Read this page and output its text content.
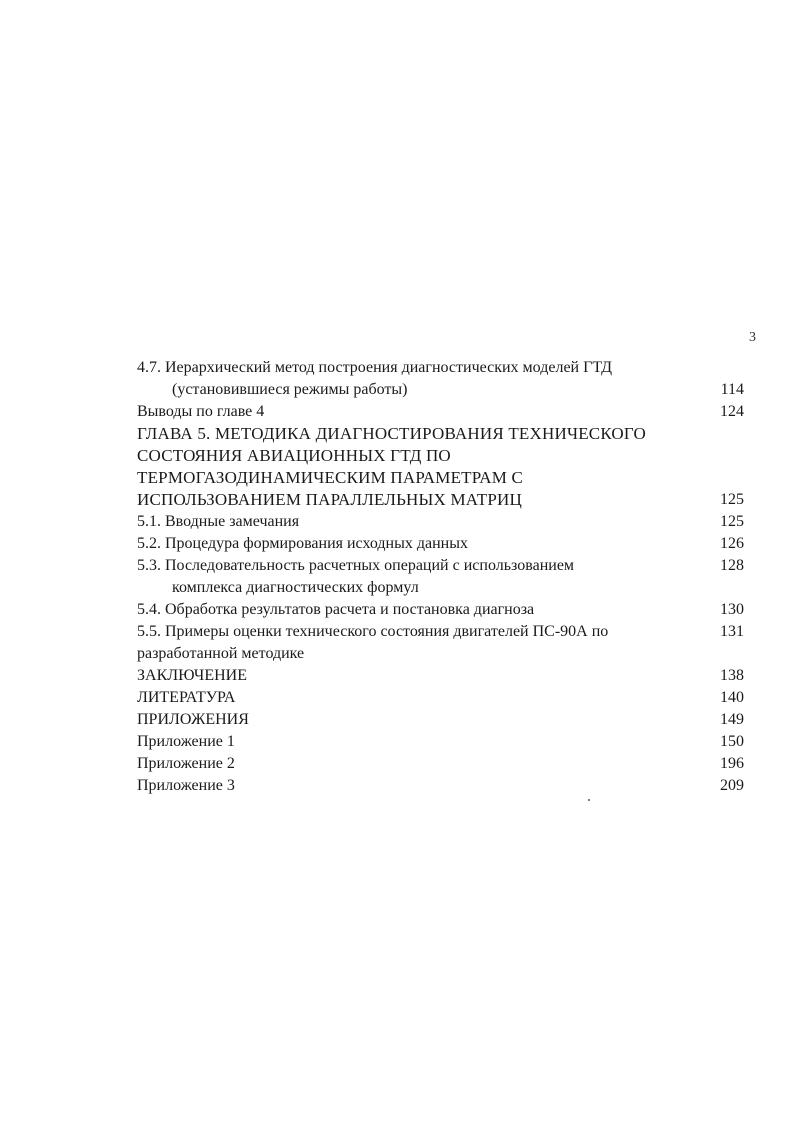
3
4.7. Иерархический метод построения диагностических моделей ГТД
(установившиеся режимы работы)	114
Выводы по главе 4	124
ГЛАВА 5. МЕТОДИКА ДИАГНОСТИРОВАНИЯ ТЕХНИЧЕСКОГО
СОСТОЯНИЯ АВИАЦИОННЫХ ГТД ПО
ТЕРМОГАЗОДИНАМИЧЕСКИМ ПАРАМЕТРАМ С
ИСПОЛЬЗОВАНИЕМ ПАРАЛЛЕЛЬНЫХ МАТРИЦ	125
5.1. Вводные замечания	125
5.2. Процедура формирования исходных данных	126
5.3. Последовательность расчетных операций с использованием	128
комплекса диагностических формул
5.4. Обработка результатов расчета и постановка диагноза	130
5.5. Примеры оценки технического состояния двигателей ПС-90А по	131
разработанной методике
ЗАКЛЮЧЕНИЕ	138
ЛИТЕРАТУРА	140
ПРИЛОЖЕНИЯ	149
Приложение 1	150
Приложение 2	196
Приложение 3	209
